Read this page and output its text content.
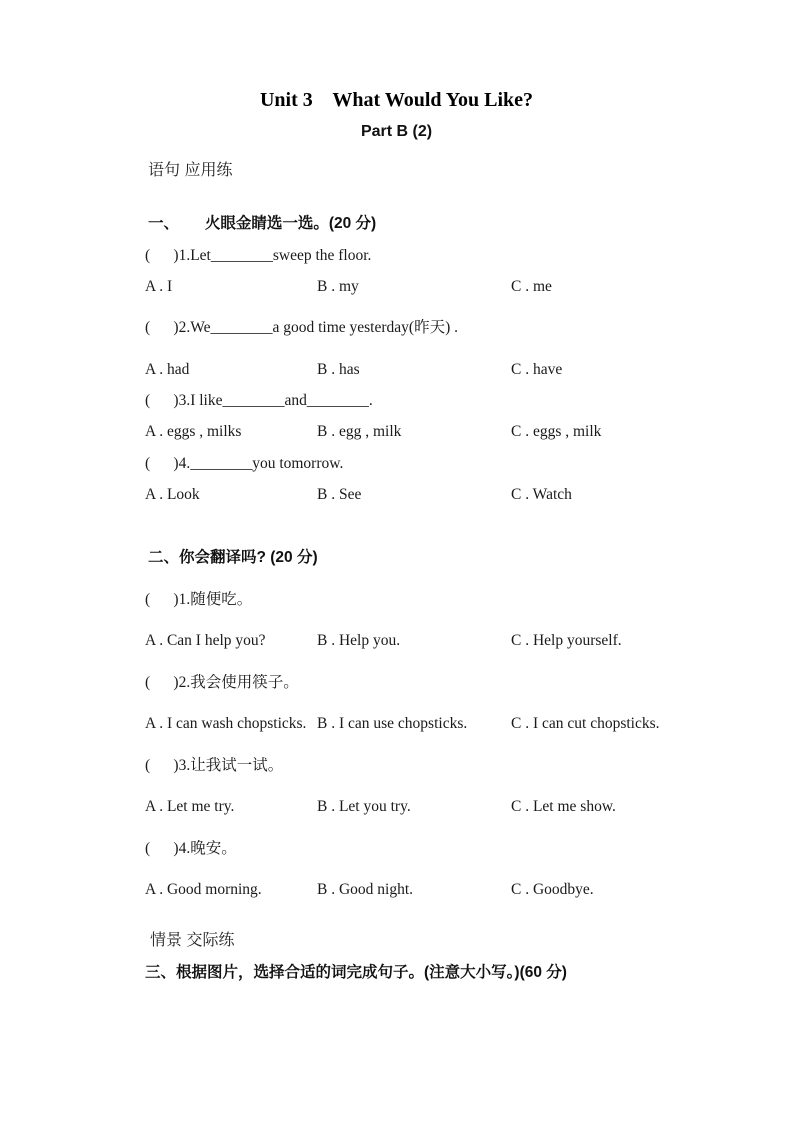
Unit 3    What Would You Like?
Part B (2)
语句 应用练
一、      火眼金睛选一选。(20 分)
(      )1.Let________sweep the floor.
A . I	B . my	C . me
(      )2.We________a good time yesterday(昨天) .
A . had	B . has	C . have
(      )3.I like________and________.
A . eggs , milks	B . egg , milk	C . eggs , milk
(      )4.________you tomorrow.
A . Look	B . See	C . Watch
二、你会翻译吗? (20 分)
(      )1.随便吃。
A . Can I help you?	B . Help you.	C . Help yourself.
(      )2.我会使用筷子。
A . I can wash chopsticks. B . I can use chopsticks.	C . I can cut chopsticks.
(      )3.让我试一试。
A . Let me try.	B . Let you try.	C . Let me show.
(      )4.晚安。
A . Good morning.	B . Good night.	C . Goodbye.
情景 交际练
三、根据图片，选择合适的词完成句子。(注意大小写。)(60 分)
